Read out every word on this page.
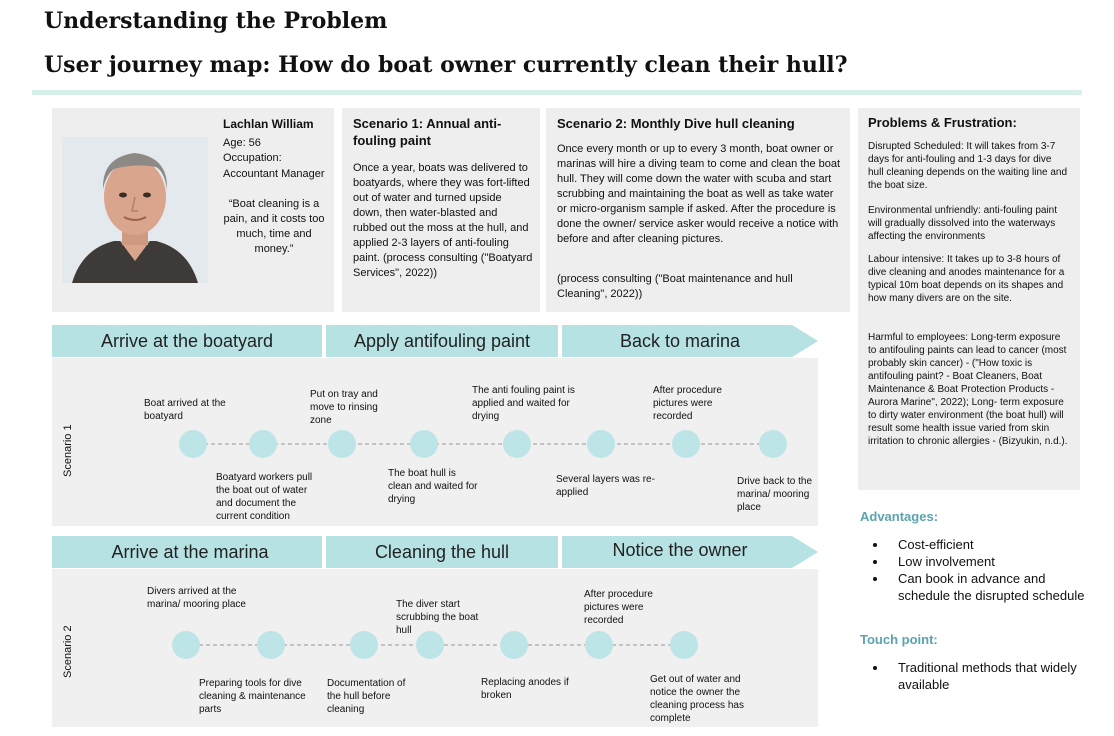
Understanding the Problem
User journey map: How do boat owner currently clean their hull?
Lachlan William
Age: 56
Occupation:
Accountant Manager
“Boat cleaning is a pain, and it costs too much, time and money.”
Scenario 1: Annual anti-fouling paint
Once a year, boats was delivered to boatyards, where they was fort-lifted out of water and turned upside down, then water-blasted and rubbed out the moss at the hull, and applied 2-3 layers of anti-fouling paint. (process consulting ("Boatyard Services", 2022))
Scenario 2: Monthly Dive hull cleaning
Once every month or up to every 3 month, boat owner or marinas will hire a diving team to come and clean the boat hull. They will come down the water with scuba and start scrubbing and maintaining the boat as well as take water or micro-organism sample if asked. After the procedure is done the owner/ service asker would receive a notice with before and after cleaning pictures.
(process consulting ("Boat maintenance and hull Cleaning", 2022))
Problems & Frustration:
Disrupted Scheduled: It will takes from 3-7 days for anti-fouling and 1-3 days for dive hull cleaning depends on the waiting line and the boat size.
Environmental unfriendly: anti-fouling paint will gradually dissolved into the waterways affecting the environments
Labour intensive: It takes up to 3-8 hours of dive cleaning and anodes maintenance for a typical 10m boat depends on its shapes and how many divers are on the site.
Harmful to employees: Long-term exposure to antifouling paints can lead to cancer (most probably skin cancer) - ("How toxic is antifouling paint? - Boat Cleaners, Boat Maintenance & Boat Protection Products - Aurora Marine", 2022); Long- term exposure to dirty water environment (the boat hull) will result some health issue varied from skin irritation to chronic allergies - (Bizyukin, n.d.).
Arrive at the boatyard	Apply antifouling paint	Back to marina
Scenario 1
Boat arrived at the boatyard
Put on tray and move to rinsing zone
The anti fouling paint is applied and waited for drying
After procedure pictures were recorded
Boatyard workers pull the boat out of water and document the current condition
The boat hull is clean and waited for drying
Several layers was re-applied
Drive back to the marina/ mooring place
Arrive at the marina	Cleaning the hull	Notice the owner
Scenario 2
Divers arrived at the marina/ mooring place	The diver start scrubbing the boat hull
After procedure pictures were recorded
Preparing tools for dive cleaning & maintenance parts
Documentation of the hull before cleaning
Replacing anodes if broken
Get out of water and notice the owner the cleaning process has complete
Advantages:
• Cost-efficient
• Low involvement
• Can book in advance and schedule the disrupted schedule
Touch point:
• Traditional methods that widely available
